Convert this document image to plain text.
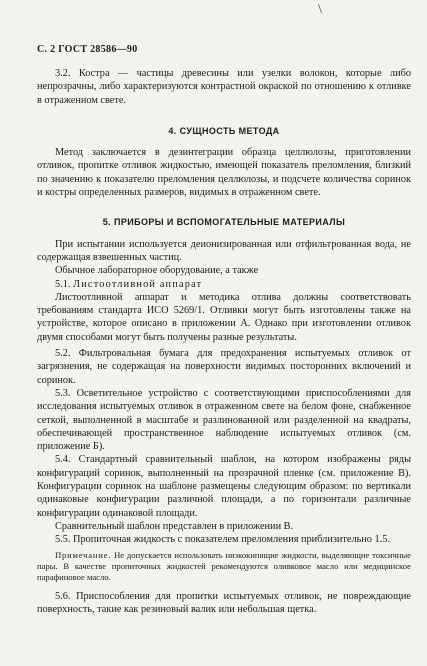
\
С. 2 ГОСТ 28586—90

3.2. Костра — частицы древесины или узелки волокон, которые либо непрозрачны, либо характеризуются контрастной окраской по отношению к отливке в отраженном свете.

4. СУЩНОСТЬ МЕТОДА

Метод заключается в дезинтеграции образца целлюлозы, приготовлении отливок, пропитке отливок жидкостью, имеющей показатель преломления, близкий по значению к показателю преломления целлюлозы, и подсчете количества соринок и костры определенных размеров, видимых в отраженном свете.

5. ПРИБОРЫ И ВСПОМОГАТЕЛЬНЫЕ МАТЕРИАЛЫ

При испытании используется деионизированная или отфильтрованная вода, не содержащая взвешенных частиц.

Обычное лабораторное оборудование, а также

5.1. Листоотливной аппарат

Листоотливной аппарат и методика отлива должны соответствовать требованиям стандарта ИСО 5269/1. Отливки могут быть изготовлены также на устройстве, которое описано в приложении А. Однако при изготовлении отливок двумя способами могут быть получены разные результаты.

5.2. Фильтровальная бумага для предохранения испытуемых отливок от загрязнения, не содержащая на поверхности видимых посторонних включений и соринок.

5.3. Осветительное устройство с соответствующими приспособлениями для исследования испытуемых отливок в отраженном свете на белом фоне, снабженное сеткой, выполненной в масштабе и разлинованной или разделенной на квадраты, обеспечивающей пространственное наблюдение испытуемых отливок (см. приложение Б).

5.4. Стандартный сравнительный шаблон, на котором изображены ряды конфигураций соринок, выполненный на прозрачной пленке (см. приложение В). Конфигурации соринок на шаблоне размещены следующим образом: по вертикали одинаковые конфигурации различной площади, а по горизонтали различные конфигурации одинаковой площади.

Сравнительный шаблон представлен в приложении В.

5.5. Пропиточная жидкость с показателем преломления приблизительно 1.5.

Примечание. Не допускается использовать низкокипящие жидкости, выделяющие токсичные пары. В качестве пропиточных жидкостей рекомендуются оливковое масло или медицинское парафиновое масло.

5.6. Приспособления для пропитки испытуемых отливок, не повреждающие поверхность, такие как резиновый валик или небольшая щетка.
